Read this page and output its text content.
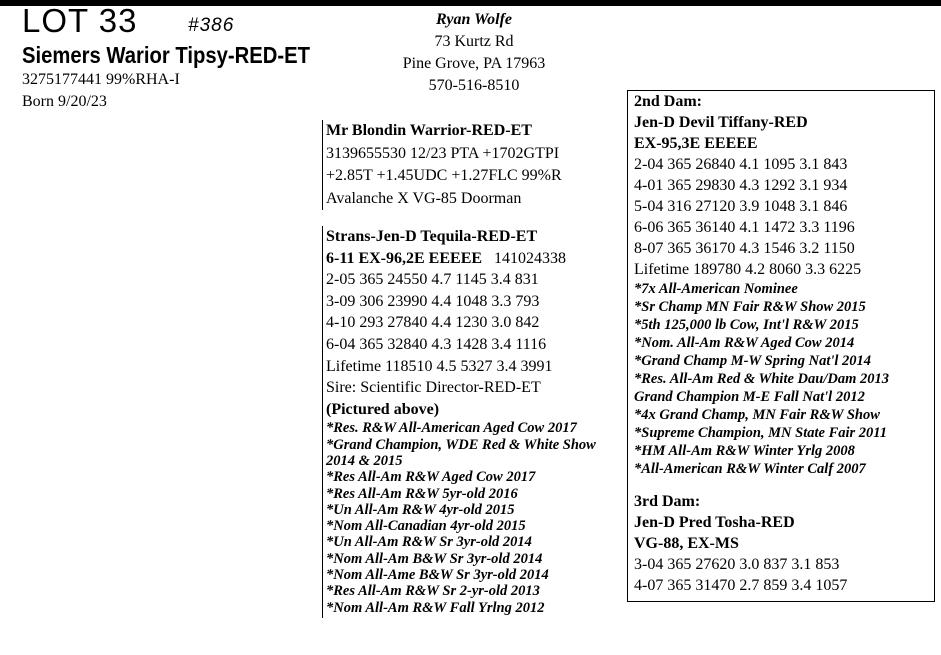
LOT 33	#386
Siemers Warior Tipsy-RED-ET
3275177441 99%RHA-I
Born 9/20/23
Ryan Wolfe
73 Kurtz Rd
Pine Grove, PA 17963
570-516-8510
Mr Blondin Warrior-RED-ET
3139655530 12/23 PTA +1702GTPI
+2.85T +1.45UDC +1.27FLC 99%R
Avalanche X VG-85 Doorman
Strans-Jen-D Tequila-RED-ET
6-11 EX-96,2E EEEEE 141024338
2-05 365 24550 4.7 1145 3.4 831
3-09 306 23990 4.4 1048 3.3 793
4-10 293 27840 4.4 1230 3.0 842
6-04 365 32840 4.3 1428 3.4 1116
Lifetime 118510 4.5 5327 3.4 3991
Sire: Scientific Director-RED-ET
(Pictured above)
*Res. R&W All-American Aged Cow 2017
*Grand Champion, WDE Red & White Show 2014 & 2015
*Res All-Am R&W Aged Cow 2017
*Res All-Am R&W 5yr-old 2016
*Un All-Am R&W 4yr-old 2015
*Nom All-Canadian 4yr-old 2015
*Un All-Am R&W Sr 3yr-old 2014
*Nom All-Am B&W Sr 3yr-old 2014
*Nom All-Ame B&W Sr 3yr-old 2014
*Res All-Am R&W Sr 2-yr-old 2013
*Nom All-Am R&W Fall Yrlng 2012
2nd Dam:
Jen-D Devil Tiffany-RED
EX-95,3E EEEEE
2-04 365 26840 4.1 1095 3.1 843
4-01 365 29830 4.3 1292 3.1 934
5-04 316 27120 3.9 1048 3.1 846
6-06 365 36140 4.1 1472 3.3 1196
8-07 365 36170 4.3 1546 3.2 1150
Lifetime 189780 4.2 8060 3.3 6225
*7x All-American Nominee
*Sr Champ MN Fair R&W Show 2015
*5th 125,000 lb Cow, Int'l R&W 2015
*Nom. All-Am R&W Aged Cow 2014
*Grand Champ M-W Spring Nat'l 2014
*Res. All-Am Red & White Dau/Dam 2013
Grand Champion M-E Fall Nat'l 2012
*4x Grand Champ, MN Fair R&W Show
*Supreme Champion, MN State Fair 2011
*HM All-Am R&W Winter Yrlg 2008
*All-American R&W Winter Calf 2007
3rd Dam:
Jen-D Pred Tosha-RED
VG-88, EX-MS
3-04 365 27620 3.0 837 3.1 853
4-07 365 31470 2.7 859 3.4 1057
